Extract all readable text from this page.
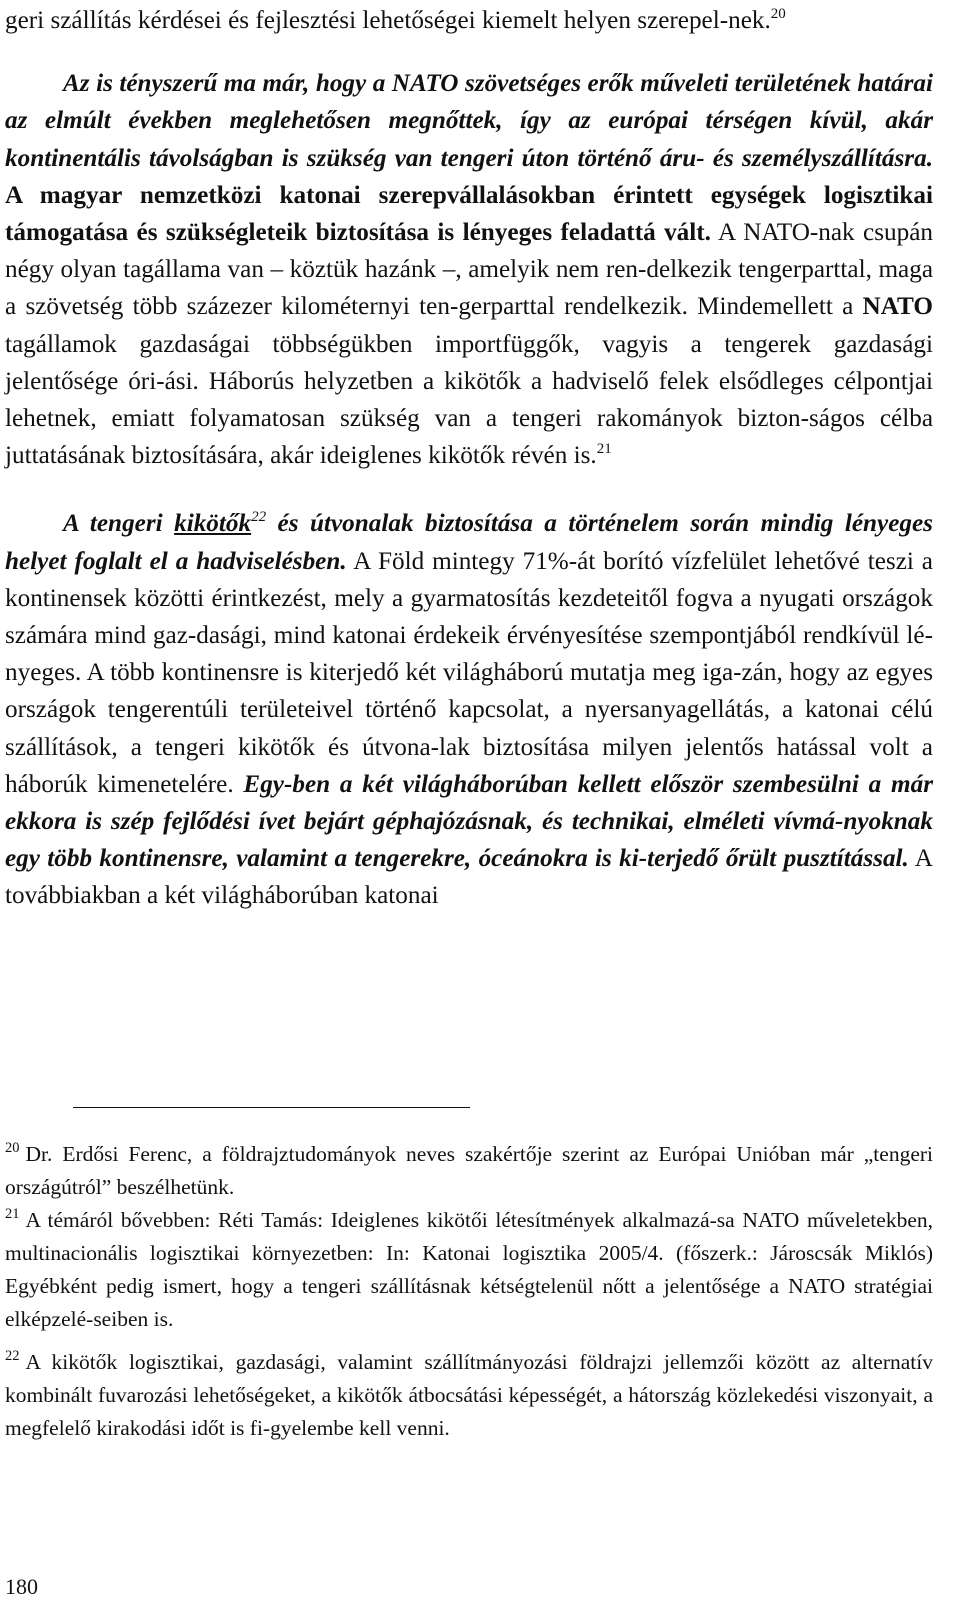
geri szállítás kérdései és fejlesztési lehetőségei kiemelt helyen szerepel-nek.$^{20}$

Az is tényszerű ma már, hogy a NATO szövetséges erők műveleti területének határai az elmúlt években meglehetősen megnőttek, így az európai térségen kívül, akár kontinentális távolságban is szükség van tengeri úton történő áru- és személyszállításra. A magyar nemzetközi katonai szerepvállalásokban érintett egységek logisztikai támogatása és szükségleteik biztosítása is lényeges feladattá vált. A NATO-nak csupán négy olyan tagállama van – köztük hazánk –, amelyik nem ren-delkezik tengerparttal, maga a szövetség több százezer kilométernyi ten-gerparttal rendelkezik. Mindemellett a NATO tagállamok gazdaságai többségükben importfüggők, vagyis a tengerek gazdasági jelentősége óri-ási. Háborús helyzetben a kikötők a hadviselő felek elsődleges célpontjai lehetnek, emiatt folyamatosan szükség van a tengeri rakományok bizton-ságos célba juttatásának biztosítására, akár ideiglenes kikötők révén is.$^{21}$

A tengeri kikötők$^{22}$ és útvonalak biztosítása a történelem során mindig lényeges helyet foglalt el a hadviselésben. A Föld mintegy 71%-át borító vízfelület lehetővé teszi a kontinensek közötti érintkezést, mely a gyarmatosítás kezdeteitől fogva a nyugati országok számára mind gaz-dasági, mind katonai érdekeik érvényesítése szempontjából rendkívül lé-nyeges. A több kontinensre is kiterjedő két világháború mutatja meg iga-zán, hogy az egyes országok tengerentúli területeivel történő kapcsolat, a nyersanyagellátás, a katonai célú szállítások, a tengeri kikötők és útvona-lak biztosítása milyen jelentős hatással volt a háborúk kimenetelére. Egy-ben a két világháborúban kellett először szembesülni a már ekkora is szép fejlődési ívet bejárt géphajózásnak, és technikai, elméleti vívmá-nyoknak egy több kontinensre, valamint a tengerekre, óceánokra is ki-terjedő őrült pusztítással. A továbbiakban a két világháborúban katonai

$^{20}$ Dr. Erdősi Ferenc, a földrajztudományok neves szakértője szerint az Európai Unióban már „tengeri országútról” beszélhetünk.

$^{21}$ A témáról bővebben: Réti Tamás: Ideiglenes kikötői létesítmények alkalmazá-sa NATO műveletekben, multinacionális logisztikai környezetben: In: Katonai logisztika 2005/4. (főszerk.: Jároscsák Miklós) Egyébként pedig ismert, hogy a tengeri szállításnak kétségtelenül nőtt a jelentősége a NATO stratégiai elképzelé-seiben is.

$^{22}$ A kikötők logisztikai, gazdasági, valamint szállítmányozási földrajzi jellemzői között az alternatív kombinált fuvarozási lehetőségeket, a kikötők átbocsátási képességét, a hátország közlekedési viszonyait, a megfelelő kirakodási időt is fi-gyelembe kell venni.

180
